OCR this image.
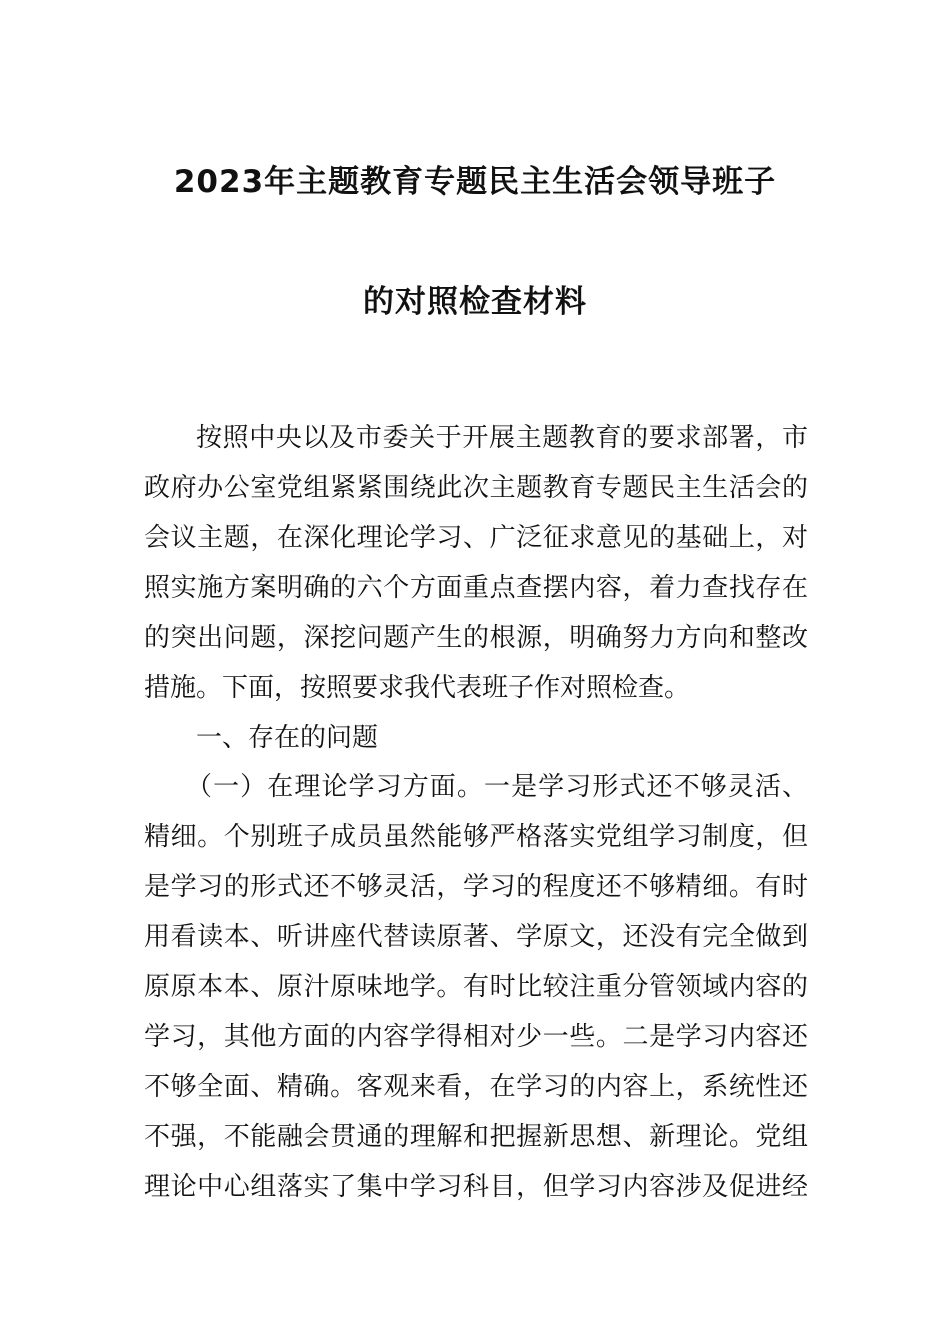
2023年主题教育专题民主生活会领导班子
的对照检查材料
按照中央以及市委关于开展主题教育的要求部署，市
政府办公室党组紧紧围绕此次主题教育专题民主生活会的
会议主题，在深化理论学习、广泛征求意见的基础上，对
照实施方案明确的六个方面重点查摆内容，着力查找存在
的突出问题，深挖问题产生的根源，明确努力方向和整改
措施。下面，按照要求我代表班子作对照检查。
一、存在的问题
（一）在理论学习方面。一是学习形式还不够灵活、
精细。个别班子成员虽然能够严格落实党组学习制度，但
是学习的形式还不够灵活，学习的程度还不够精细。有时
用看读本、听讲座代替读原著、学原文，还没有完全做到
原原本本、原汁原味地学。有时比较注重分管领域内容的
学习，其他方面的内容学得相对少一些。二是学习内容还
不够全面、精确。客观来看，在学习的内容上，系统性还
不强，不能融会贯通的理解和把握新思想、新理论。党组
理论中心组落实了集中学习科目，但学习内容涉及促进经
